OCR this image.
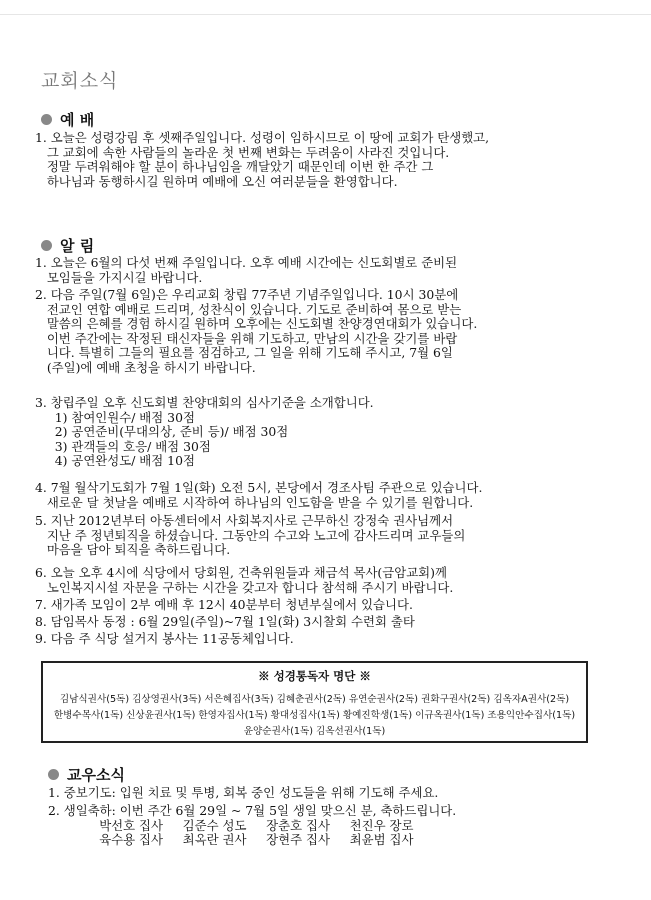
교회소식
예 배
1. 오늘은 성령강림 후 셋째주일입니다. 성령이 임하시므로 이 땅에 교회가 탄생했고,
그 교회에 속한 사람들의 놀라운 첫 번째 변화는 두려움이 사라진 것입니다.
정말 두려워해야 할 분이 하나님임을 깨달았기 때문인데 이번 한 주간 그
하나님과 동행하시길 원하며 예배에 오신 여러분들을 환영합니다.
알 림
1. 오늘은 6월의 다섯 번째 주일입니다. 오후 예배 시간에는 신도회별로 준비된
모임들을 가지시길 바랍니다.
2. 다음 주일(7월 6일)은 우리교회 창립 77주년 기념주일입니다. 10시 30분에
전교인 연합 예배로 드리며, 성찬식이 있습니다. 기도로 준비하여 몸으로 받는
말씀의 은혜를 경험 하시길 원하며 오후에는 신도회별 찬양경연대회가 있습니다.
이번 주간에는 작정된 태신자들을 위해 기도하고, 만남의 시간을 갖기를 바랍
니다. 특별히 그들의 필요를 점검하고, 그 일을 위해 기도해 주시고, 7월 6일
(주일)에 예배 초청을 하시기 바랍니다.
3. 창립주일 오후 신도회별 찬양대회의 심사기준을 소개합니다.
1) 참여인원수/ 배점 30점
2) 공연준비(무대의상, 준비 등)/ 배점 30점
3) 관객들의 호응/ 배점 30점
4) 공연완성도/ 배점 10점
4. 7월 월삭기도회가 7월 1일(화) 오전 5시, 본당에서 경조사팀 주관으로 있습니다.
새로운 달 첫날을 예배로 시작하여 하나님의 인도함을 받을 수 있기를 원합니다.
5. 지난 2012년부터 아동센터에서 사회복지사로 근무하신 강정숙 권사님께서
지난 주 정년퇴직을 하셨습니다. 그동안의 수고와 노고에 감사드리며 교우들의
마음을 담아 퇴직을 축하드립니다.
6. 오늘 오후 4시에 식당에서 당회원, 건축위원들과 채금석 목사(금암교회)께
노인복지시설 자문을 구하는 시간을 갖고자 합니다 참석해 주시기 바랍니다.
7. 새가족 모임이 2부 예배 후 12시 40분부터 청년부실에서 있습니다.
8. 담임목사 동정 : 6월 29일(주일)~7월 1일(화) 3시찰회 수련회 출타
9. 다음 주 식당 설거지 봉사는 11공동체입니다.
※ 성경통독자 명단 ※
김남식권사(5독) 김상영권사(3독) 서은혜집사(3독) 김혜춘권사(2독) 유연순권사(2독) 권화구권사(2독) 김옥자A권사(2독)
한병수목사(1독) 신상윤권사(1독) 한영자집사(1독) 황대성집사(1독) 황예진학생(1독) 이규옥권사(1독) 조용익안수집사(1독)
윤양순권사(1독) 김옥선권사(1독)
교우소식
1. 중보기도: 입원 치료 및 투병, 회복 중인 성도들을 위해 기도해 주세요.
2. 생일축하: 이번 주간 6월 29일 ~ 7월 5일 생일 맞으신 분, 축하드립니다.
박선호 집사     김준수 성도     장춘호 집사     천진우 장로
육수용 집사     최옥란 권사     장현주 집사     최윤범 집사
